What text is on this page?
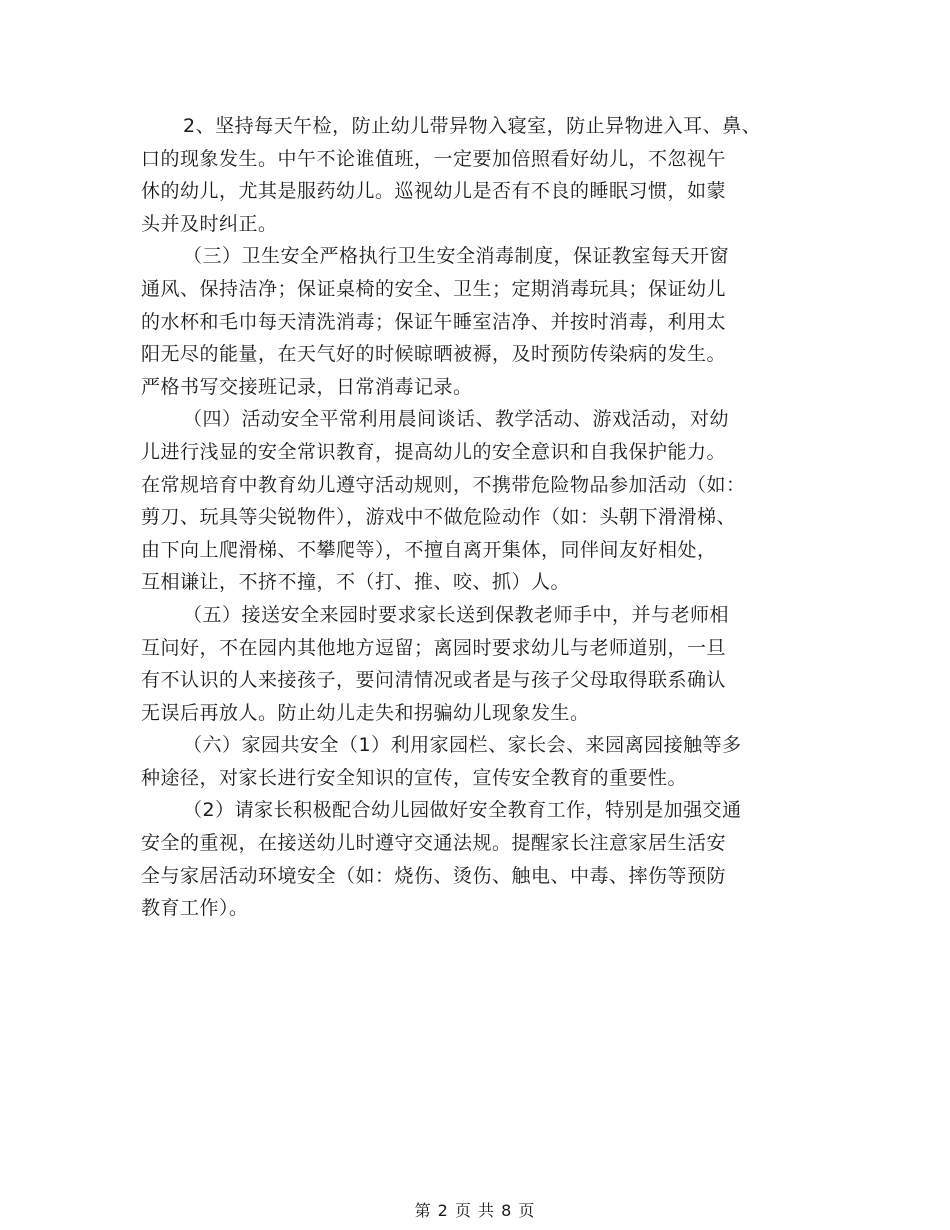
2、坚持每天午检，防止幼儿带异物入寝室，防止异物进入耳、鼻、
口的现象发生。中午不论谁值班，一定要加倍照看好幼儿，不忽视午
休的幼儿，尤其是服药幼儿。巡视幼儿是否有不良的睡眠习惯，如蒙
头并及时纠正。

（三）卫生安全严格执行卫生安全消毒制度，保证教室每天开窗
通风、保持洁净；保证桌椅的安全、卫生；定期消毒玩具；保证幼儿
的水杯和毛巾每天清洗消毒；保证午睡室洁净、并按时消毒，利用太
阳无尽的能量，在天气好的时候晾晒被褥，及时预防传染病的发生。
严格书写交接班记录，日常消毒记录。

（四）活动安全平常利用晨间谈话、教学活动、游戏活动，对幼
儿进行浅显的安全常识教育，提高幼儿的安全意识和自我保护能力。
在常规培育中教育幼儿遵守活动规则，不携带危险物品参加活动（如：
剪刀、玩具等尖锐物件），游戏中不做危险动作（如：头朝下滑滑梯、
由下向上爬滑梯、不攀爬等），不擅自离开集体，同伴间友好相处，
互相谦让，不挤不撞，不（打、推、咬、抓）人。

（五）接送安全来园时要求家长送到保教老师手中，并与老师相
互问好，不在园内其他地方逗留；离园时要求幼儿与老师道别，一旦
有不认识的人来接孩子，要问清情况或者是与孩子父母取得联系确认
无误后再放人。防止幼儿走失和拐骗幼儿现象发生。

（六）家园共安全（1）利用家园栏、家长会、来园离园接触等多
种途径，对家长进行安全知识的宣传，宣传安全教育的重要性。

（2）请家长积极配合幼儿园做好安全教育工作，特别是加强交通
安全的重视，在接送幼儿时遵守交通法规。提醒家长注意家居生活安
全与家居活动环境安全（如：烧伤、烫伤、触电、中毒、摔伤等预防
教育工作）。

第 2 页 共 8 页
